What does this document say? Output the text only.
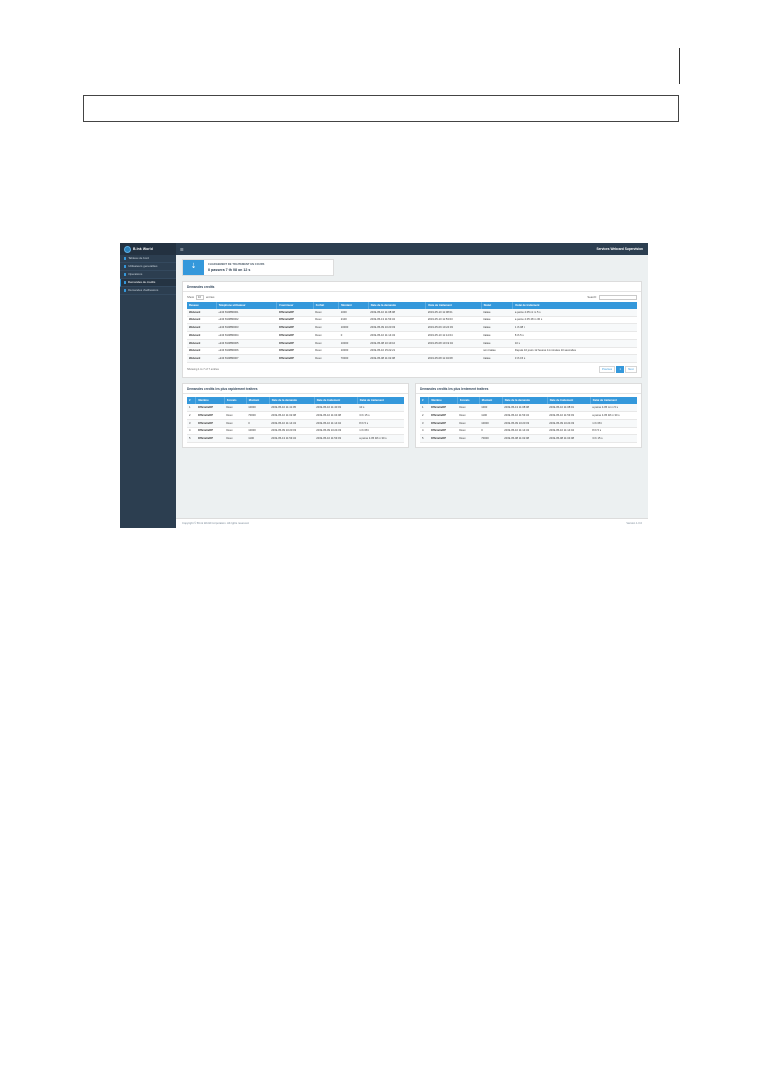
B.Ink World	☰	Services Webcard Supervision
Tableau de bord
Utilisateurs generalites
Operations
Demandes de credits
Demandes d'adhesions
⇣	CHARGEMENT DE TRAITEMENT EN COURS
Il passera 7 th 08 on 12 s
Demandes credits
Show	10	entries	Search:
Reseau	Telephone utilisateur	Fourniseur	Forfait	Montant	Date de la demande	Date de traitement	Statut	Delai de traitement
Webcard	+243 810880001	Officiel/eDP	Deux	1000	2019-05-10 11:08:08	2019-05-10 11:08:01	traitee	a peine 4.05 mi m 5 s
Webcard	+243 810880002	Officiel/eDP	Deux	2100	2019-05-13 11:53:34	2019-05-10 11:53:03	traitee	a peine 4.05 48 m 30 s
Webcard	+243 810880003	Officiel/eDP	Deux	10000	2019-05-09 10:23:03	2019-05-09 10:24:03	traitee	1 th 08 t
Webcard	+243 810880004	Officiel/eDP	Deux	0	2019-05-10 11:14:43	2019-05-10 11:14:04	traitee	8 th 5 s
Webcard	+243 810880005	Officiel/eDP	Deux	10000	2019-05-08 10:19:10	2019-05-08 10:19:04	traitee	10 s
Webcard	+243 810880006	Officiel/eDP	Deux	10000	2019-05-10 15:22:21		non traitee	Depuis 10 jours 12 heures 11 minutes 10 secondes
Webcard	+243 810880007	Officiel/eDP	Deux	70000	2019-05-08 11:02:08	2019-05-08 11:04:08	traitee	3 th 15 s
Showing 1 to 7 of 7 entries	Previous	1	Next
Demandes credits les plus rapidement traitees
#	Membre	Forcats	Montant	Date de la demande	Date de traitement	Delai de traitement
1	Officiel/eDP	Deux	10000	2019-05-10 11:41:05	2019-05-10 11:40:03	10 s
2	Officiel/eDP	Deux	70000	2019-05-10 11:02:08	2019-05-10 11:04:08	3 th 15 s
3	Officiel/eDP	Deux	0	2019-05-10 11:14:43	2019-05-10 11:14:04	8 th 5 s
4	Officiel/eDP	Deux	10000	2019-05-09 10:23:03	2019-05-09 10:24:03	1 th 08 t
5	Officiel/eDP	Deux	1100	2019-05-13 11:53:34	2019-05-10 11:53:03	a peine 4.05 48 m 30 s
Demandes credits les plus lentement traitees
#	Membre	Forcats	Montant	Date de la demande	Date de traitement	Delai de traitement
1	Officiel/eDP	Deux	1000	2019-05-13 11:08:08	2019-05-10 11:08:01	a peine 4.05 mi m 5 s
2	Officiel/eDP	Deux	1100	2019-05-10 11:53:34	2019-05-10 11:53:03	a peine 4.05 48 m 30 s
3	Officiel/eDP	Deux	10000	2019-05-09 10:23:03	2019-05-09 10:24:03	1 th 08 t
4	Officiel/eDP	Deux	0	2019-05-10 11:14:43	2019-05-10 11:14:04	8 th 5 s
5	Officiel/eDP	Deux	70000	2019-05-08 11:02:08	2019-05-08 11:04:08	3 th 15 s
Copyright © B.Ink World Corporation. All rights reserved.	Version 1.0.0
